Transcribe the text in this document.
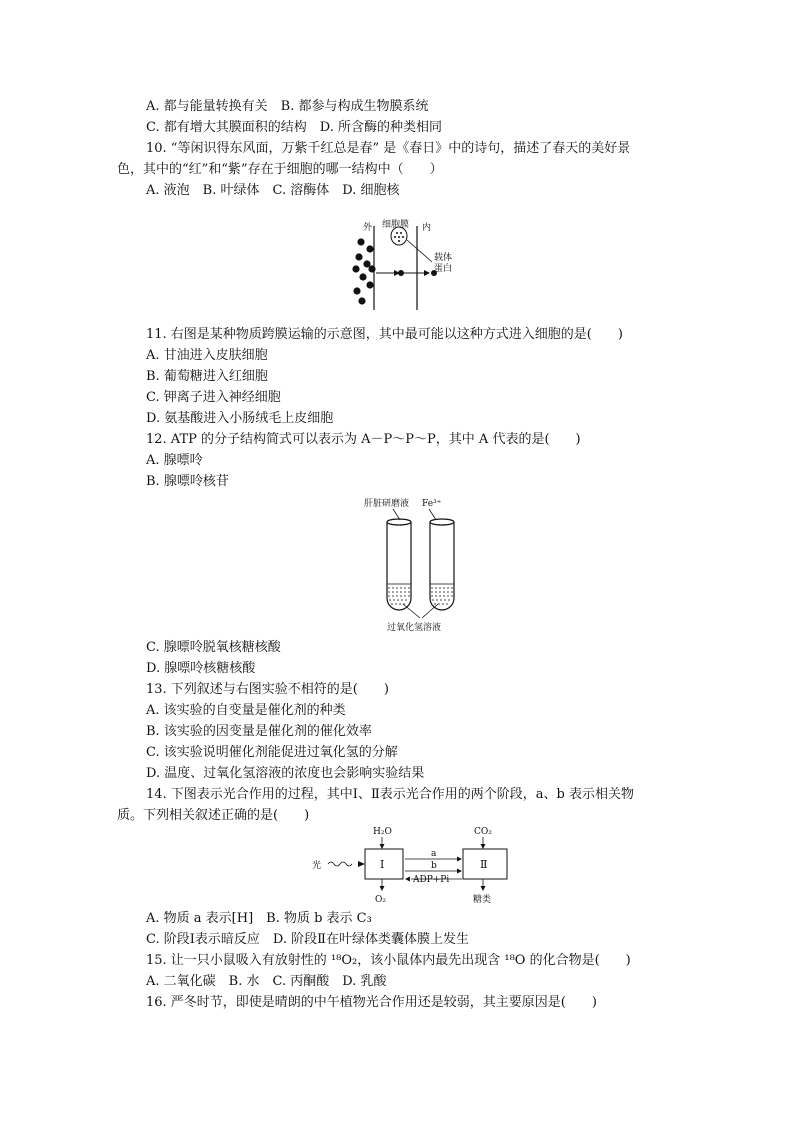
A. 都与能量转换有关　B. 都参与构成生物膜系统
C. 都有增大其膜面积的结构　D. 所含酶的种类相同
10. “等闲识得东风面，万紫千红总是春” 是《春日》中的诗句，描述了春天的美好景
色，其中的“红”和“紫”存在于细胞的哪一结构中（　　）
A. 液泡　B. 叶绿体　C. 溶酶体　D. 细胞核
细胞膜
外	内
载体
蛋白
11. 右图是某种物质跨膜运输的示意图，其中最可能以这种方式进入细胞的是(　　)
A. 甘油进入皮肤细胞
B. 葡萄糖进入红细胞
C. 钾离子进入神经细胞
D. 氨基酸进入小肠绒毛上皮细胞
12. ATP 的分子结构简式可以表示为 A－P～P～P，其中 A 代表的是(　　)
A. 腺嘌呤
B. 腺嘌呤核苷
肝脏研磨液 Fe³⁺
过氧化氢溶液
C. 腺嘌呤脱氧核糖核酸
D. 腺嘌呤核糖核酸
13. 下列叙述与右图实验不相符的是(　　)
A. 该实验的自变量是催化剂的种类
B. 该实验的因变量是催化剂的催化效率
C. 该实验说明催化剂能促进过氧化氢的分解
D. 温度、过氧化氢溶液的浓度也会影响实验结果
14. 下图表示光合作用的过程，其中Ⅰ、Ⅱ表示光合作用的两个阶段，a、b 表示相关物
质。下列相关叙述正确的是(　　)
H₂O	CO₂
Ⅰ	Ⅱ
光
a
b
ADP+Pi
O₂	糖类
A. 物质 a 表示[H]　B. 物质 b 表示 C₃
C. 阶段Ⅰ表示暗反应　D. 阶段Ⅱ在叶绿体类囊体膜上发生
15. 让一只小鼠吸入有放射性的 ¹⁸O₂，该小鼠体内最先出现含 ¹⁸O 的化合物是(　　)
A. 二氧化碳　B. 水　C. 丙酮酸　D. 乳酸
16. 严冬时节，即使是晴朗的中午植物光合作用还是较弱，其主要原因是(　　)
